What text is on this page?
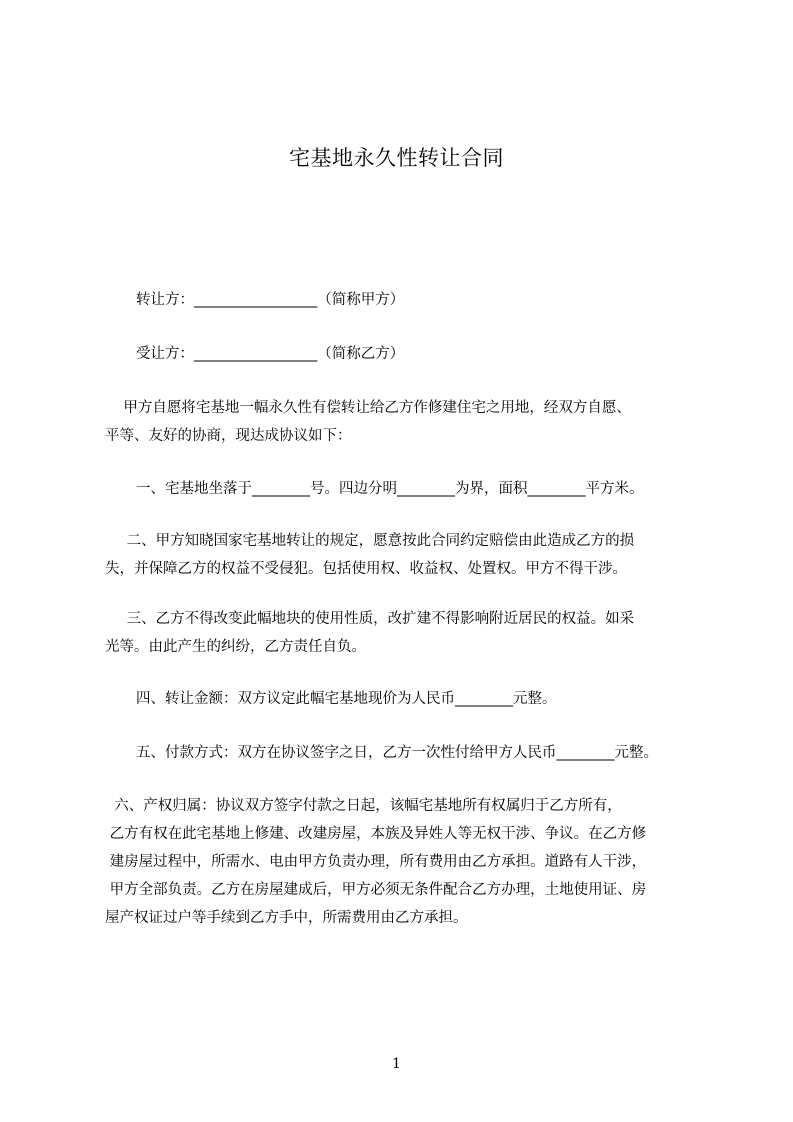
宅基地永久性转让合同
转让方：_________________（简称甲方）
受让方：_________________（简称乙方）
甲方自愿将宅基地一幅永久性有偿转让给乙方作修建住宅之用地，经双方自愿、
平等、友好的协商，现达成协议如下：
一、宅基地坐落于________号。四边分明________为界，面积________平方米。
二、甲方知晓国家宅基地转让的规定，愿意按此合同约定赔偿由此造成乙方的损
失，并保障乙方的权益不受侵犯。包括使用权、收益权、处置权。甲方不得干涉。
三、乙方不得改变此幅地块的使用性质，改扩建不得影响附近居民的权益。如采
光等。由此产生的纠纷，乙方责任自负。
四、转让金额：双方议定此幅宅基地现价为人民币________元整。
五、付款方式：双方在协议签字之日，乙方一次性付给甲方人民币________元整。
六、产权归属：协议双方签字付款之日起，该幅宅基地所有权属归于乙方所有，
乙方有权在此宅基地上修建、改建房屋，本族及异姓人等无权干涉、争议。在乙方修
建房屋过程中，所需水、电由甲方负责办理，所有费用由乙方承担。道路有人干涉，
甲方全部负责。乙方在房屋建成后，甲方必须无条件配合乙方办理，土地使用证、房
屋产权证过户等手续到乙方手中，所需费用由乙方承担。
1
